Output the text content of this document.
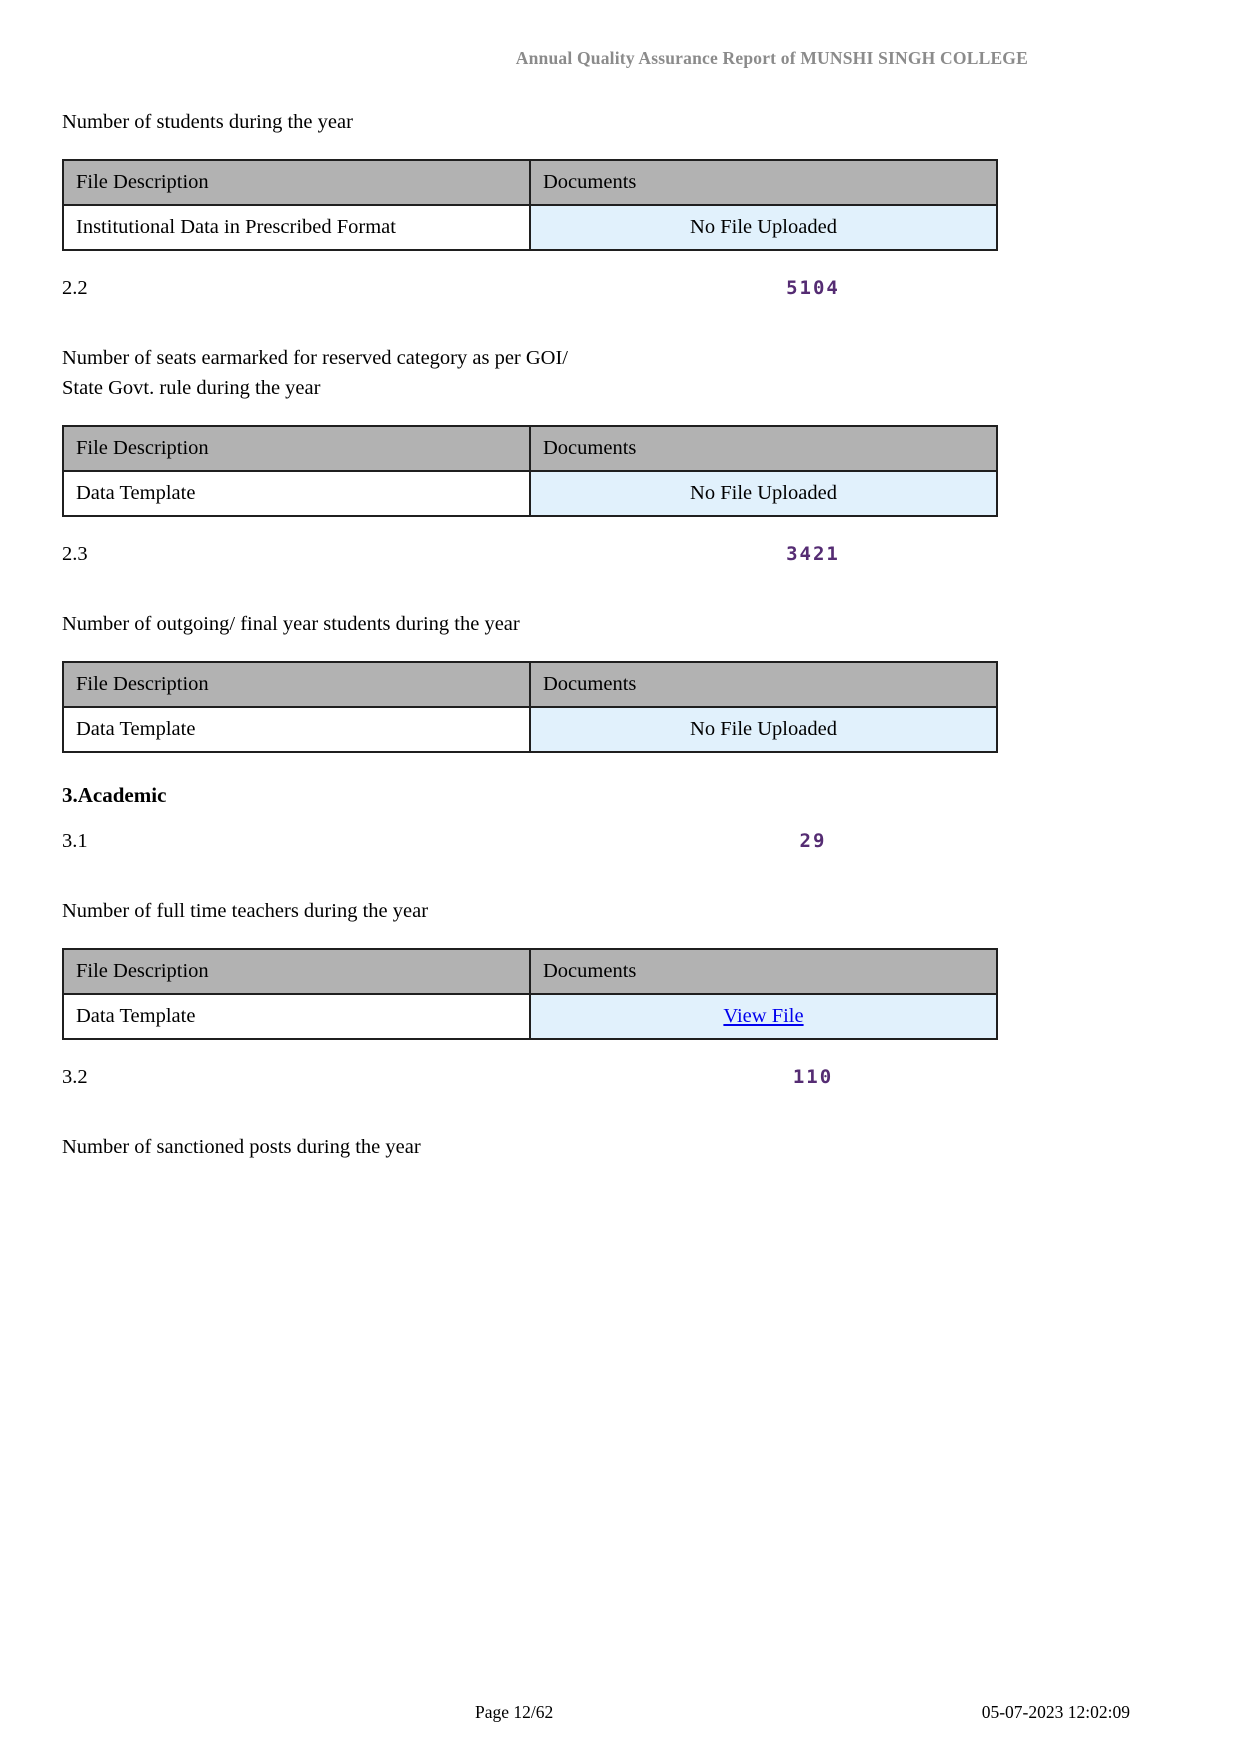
Annual Quality Assurance Report of MUNSHI SINGH COLLEGE
Number of students during the year
File Description	Documents
Institutional Data in Prescribed Format	No File Uploaded
2.2	5104
Number of seats earmarked for reserved category as per GOI/
State Govt. rule during the year
File Description	Documents
Data Template	No File Uploaded
2.3	3421
Number of outgoing/ final year students during the year
File Description	Documents
Data Template	No File Uploaded
3.Academic
3.1	29
Number of full time teachers during the year
File Description	Documents
Data Template	View File
3.2	110
Number of sanctioned posts during the year
Page 12/62	05-07-2023 12:02:09
